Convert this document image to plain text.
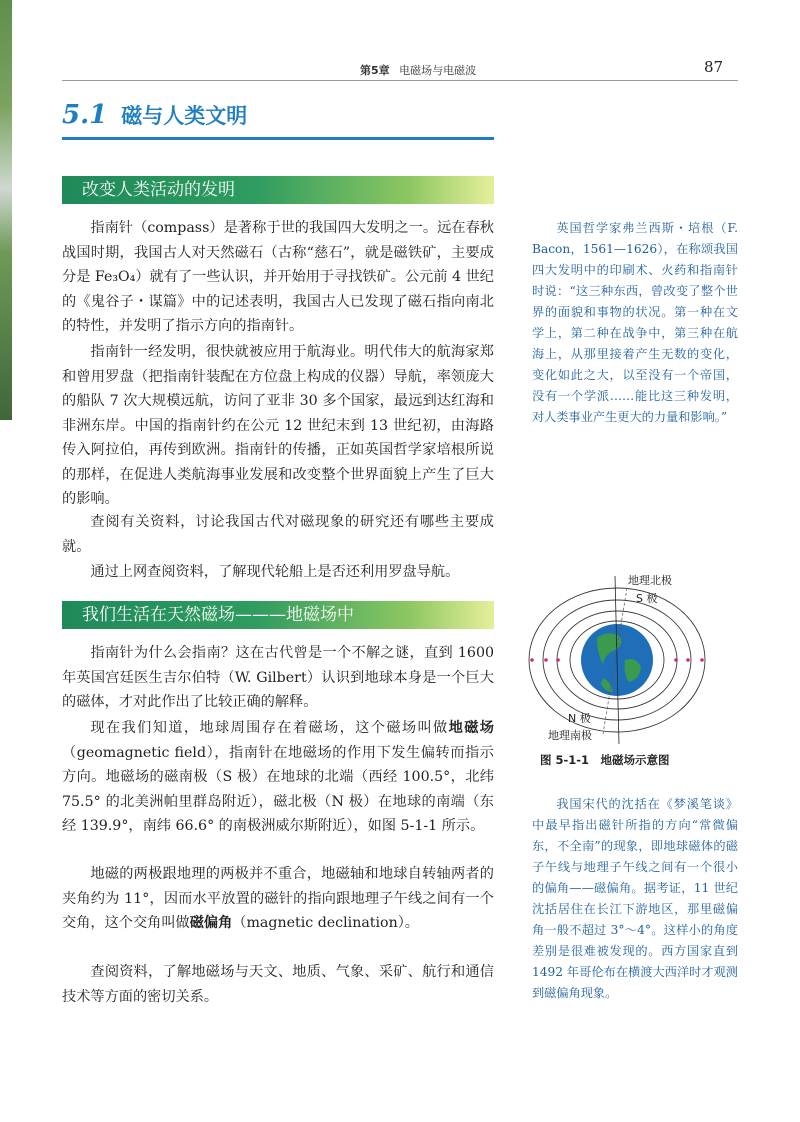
第5章 电磁场与电磁波	87
5.1 磁与人类文明
改变人类活动的发明

指南针（compass）是著称于世的我国四大发明之一。远在春秋战国时期，我国古人对天然磁石（古称“慈石”，就是磁铁矿，主要成分是 Fe₃O₄）就有了一些认识，并开始用于寻找铁矿。公元前 4 世纪的《鬼谷子・谋篇》中的记述表明，我国古人已发现了磁石指向南北的特性，并发明了指示方向的指南针。

指南针一经发明，很快就被应用于航海业。明代伟大的航海家郑和曾用罗盘（把指南针装配在方位盘上构成的仪器）导航，率领庞大的船队 7 次大规模远航，访问了亚非 30 多个国家，最远到达红海和非洲东岸。中国的指南针约在公元 12 世纪末到 13 世纪初，由海路传入阿拉伯，再传到欧洲。指南针的传播，正如英国哲学家培根所说的那样，在促进人类航海事业发展和改变整个世界面貌上产生了巨大的影响。

查阅有关资料，讨论我国古代对磁现象的研究还有哪些主要成就。

通过上网查阅资料，了解现代轮船上是否还利用罗盘导航。

我们生活在天然磁场———地磁场中

指南针为什么会指南？这在古代曾是一个不解之谜，直到 1600 年英国宫廷医生吉尔伯特（W. Gilbert）认识到地球本身是一个巨大的磁体，才对此作出了比较正确的解释。

现在我们知道，地球周围存在着磁场，这个磁场叫做地磁场（geomagnetic field），指南针在地磁场的作用下发生偏转而指示方向。地磁场的磁南极（S 极）在地球的北端（西经 100.5°，北纬 75.5° 的北美洲帕里群岛附近），磁北极（N 极）在地球的南端（东经 139.9°，南纬 66.6° 的南极洲威尔斯附近），如图 5-1-1 所示。

地磁的两极跟地理的两极并不重合，地磁轴和地球自转轴两者的夹角约为 11°，因而水平放置的磁针的指向跟地理子午线之间有一个交角，这个交角叫做磁偏角（magnetic declination）。

查阅资料，了解地磁场与天文、地质、气象、采矿、航行和通信技术等方面的密切关系。

英国哲学家弗兰西斯・培根（F. Bacon，1561—1626），在称颂我国四大发明中的印刷术、火药和指南针时说：“这三种东西，曾改变了整个世界的面貌和事物的状况。第一种在文学上，第二种在战争中，第三种在航海上，从那里接着产生无数的变化，变化如此之大，以至没有一个帝国，没有一个学派……能比这三种发明，对人类事业产生更大的力量和影响。”

地理北极
S 极
N 极
地理南极
图 5-1-1　地磁场示意图

我国宋代的沈括在《梦溪笔谈》中最早指出磁针所指的方向“常微偏东，不全南”的现象，即地球磁体的磁子午线与地理子午线之间有一个很小的偏角——磁偏角。据考证，11 世纪沈括居住在长江下游地区，那里磁偏角一般不超过 3°～4°。这样小的角度差别是很难被发现的。西方国家直到 1492 年哥伦布在横渡大西洋时才观测到磁偏角现象。
